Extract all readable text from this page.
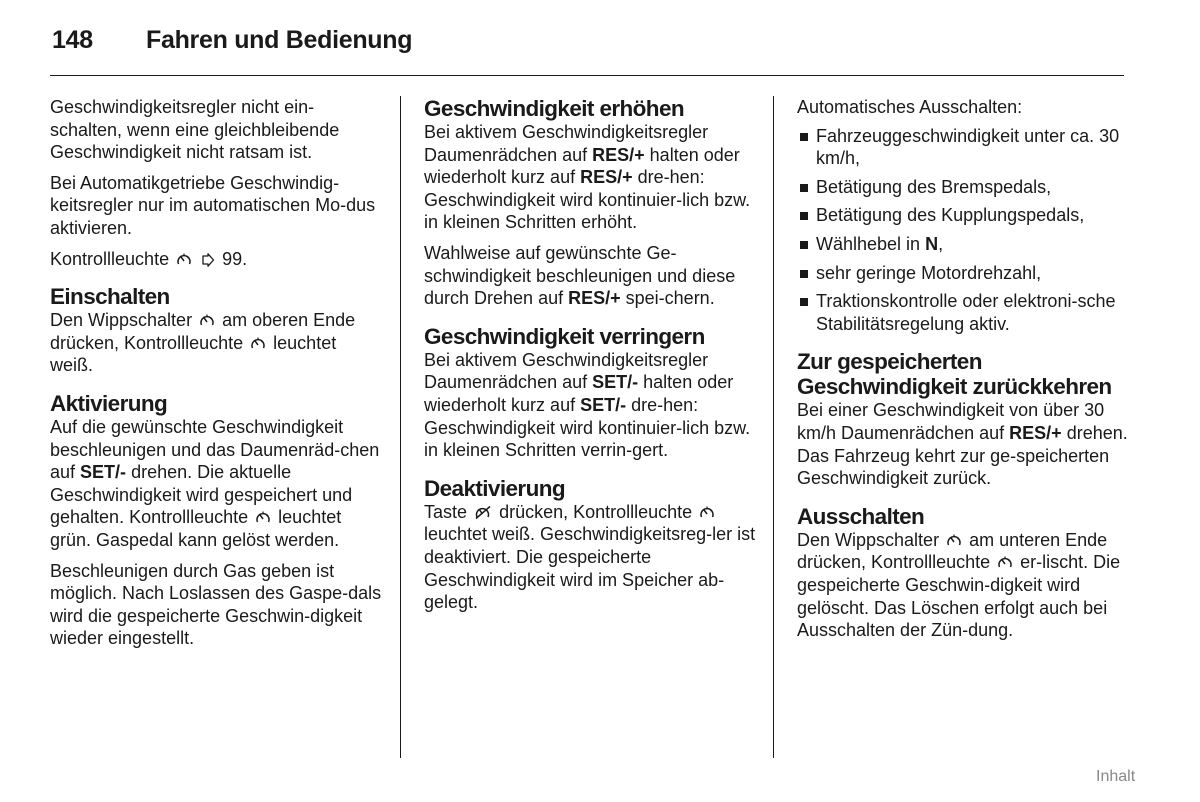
148 Fahren und Bedienung

Geschwindigkeitsregler nicht ein-schalten, wenn eine gleichbleibende Geschwindigkeit nicht ratsam ist.

Bei Automatikgetriebe Geschwindig-keitsregler nur im automatischen Mo-dus aktivieren.

Kontrollleuchte
	99.

Einschalten

Den Wippschalter am oberen Ende drücken, Kontrollleuchte leuchtet weiß.

Aktivierung

Auf die gewünschte Geschwindigkeit beschleunigen und das Daumenräd-chen auf SET/- drehen. Die aktuelle Geschwindigkeit wird gespeichert und gehalten. Kontrollleuchte leuchtet grün. Gaspedal kann gelöst werden.

Beschleunigen durch Gas geben ist möglich. Nach Loslassen des Gaspe-dals wird die gespeicherte Geschwin-digkeit wieder eingestellt.

Geschwindigkeit erhöhen

Bei aktivem Geschwindigkeitsregler Daumenrädchen auf RES/+ halten oder wiederholt kurz auf RES/+ dre-hen: Geschwindigkeit wird kontinuier-lich bzw. in kleinen Schritten erhöht.

Wahlweise auf gewünschte Ge-schwindigkeit beschleunigen und diese durch Drehen auf RES/+ spei-chern.

Geschwindigkeit verringern

Bei aktivem Geschwindigkeitsregler Daumenrädchen auf SET/- halten oder wiederholt kurz auf SET/- dre-hen: Geschwindigkeit wird kontinuier-lich bzw. in kleinen Schritten verrin-gert.

Deaktivierung

Taste drücken, Kontrollleuchte
leuchtet weiß. Geschwindigkeitsreg-ler ist deaktiviert. Die gespeicherte Geschwindigkeit wird im Speicher ab-gelegt.

Automatisches Ausschalten:

Fahrzeuggeschwindigkeit unter ca. 30 km/h,
Betätigung des Bremspedals,
Betätigung des Kupplungspedals,
Wählhebel in N,
sehr geringe Motordrehzahl,
Traktionskontrolle oder elektroni-sche Stabilitätsregelung aktiv.
Zur gespeicherten
Geschwindigkeit zurückkehren

Bei einer Geschwindigkeit von über 30 km/h Daumenrädchen auf RES/+ drehen. Das Fahrzeug kehrt zur ge-speicherten Geschwindigkeit zurück.

Ausschalten

Den Wippschalter am unteren Ende drücken, Kontrollleuchte er-lischt. Die gespeicherte Geschwin-digkeit wird gelöscht. Das Löschen erfolgt auch bei Ausschalten der Zün-dung.

Inhalt
